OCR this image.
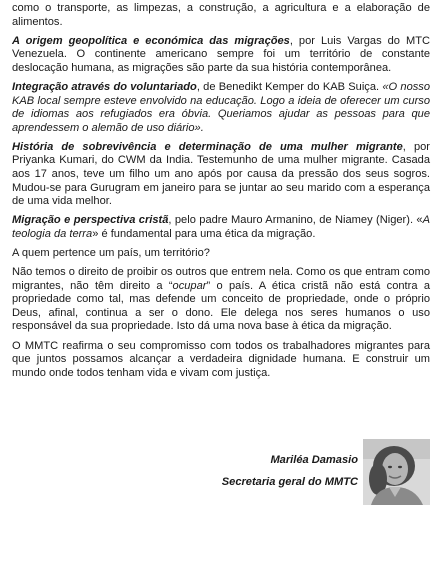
como o transporte, as limpezas, a construção, a agricultura e a elaboração de alimentos.

A origem geopolítica e económica das migrações, por Luis Vargas do MTC Venezuela. O continente americano sempre foi um território de constante deslocação humana, as migrações são parte da sua história contemporânea.

Integração através do voluntariado, de Benedikt Kemper do KAB Suiça. «O nosso KAB local sempre esteve envolvido na educação. Logo a ideia de oferecer um curso de idiomas aos refugiados era óbvia. Queriamos ajudar as pessoas para que aprendessem o alemão de uso diário».

História de sobrevivência e determinação de uma mulher migrante, por Priyanka Kumari, do CWM da India. Testemunho de uma mulher migrante. Casada aos 17 anos, teve um filho um ano após por causa da pressão dos seus sogros. Mudou-se para Gurugram em janeiro para se juntar ao seu marido com a esperança de uma vida melhor.

Migração e perspectiva cristã, pelo padre Mauro Armanino, de Niamey (Niger). «A teologia da terra» é fundamental para uma ética da migração.

A quem pertence um país, um território?

Não temos o direito de proibir os outros que entrem nela. Como os que entram como migrantes, não têm direito a “ocupar” o país. A ética cristã não está contra a propriedade como tal, mas defende um conceito de propriedade, onde o próprio Deus, afinal, continua a ser o dono. Ele delega nos seres humanos o uso responsável da sua propriedade. Isto dá uma nova base à ética da migração.

O MMTC reafirma o seu compromisso com todos os trabalhadores migrantes para que juntos possamos alcançar a verdadeira dignidade humana. E construir um mundo onde todos tenham vida e vivam com justiça.

Mariléa Damasio
Secretaria geral do MMTC
